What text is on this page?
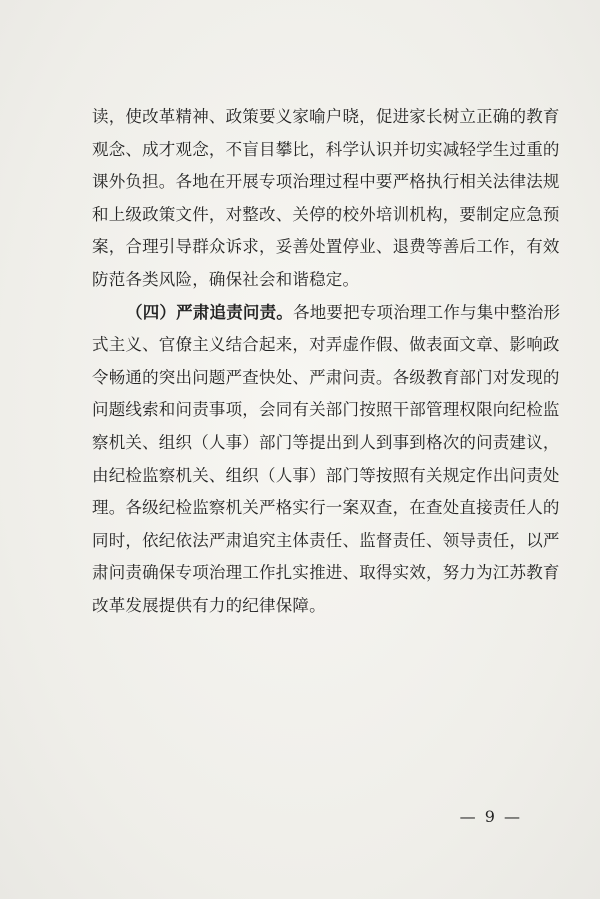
读，使改革精神、政策要义家喻户晓，促进家长树立正确的教育
观念、成才观念，不盲目攀比，科学认识并切实减轻学生过重的
课外负担。各地在开展专项治理过程中要严格执行相关法律法规
和上级政策文件，对整改、关停的校外培训机构，要制定应急预
案，合理引导群众诉求，妥善处置停业、退费等善后工作，有效
防范各类风险，确保社会和谐稳定。
（四）严肃追责问责。各地要把专项治理工作与集中整治形
式主义、官僚主义结合起来，对弄虚作假、做表面文章、影响政
令畅通的突出问题严查快处、严肃问责。各级教育部门对发现的
问题线索和问责事项，会同有关部门按照干部管理权限向纪检监
察机关、组织（人事）部门等提出到人到事到格次的问责建议，
由纪检监察机关、组织（人事）部门等按照有关规定作出问责处
理。各级纪检监察机关严格实行一案双查，在查处直接责任人的
同时，依纪依法严肃追究主体责任、监督责任、领导责任，以严
肃问责确保专项治理工作扎实推进、取得实效，努力为江苏教育
改革发展提供有力的纪律保障。
— 9 —
